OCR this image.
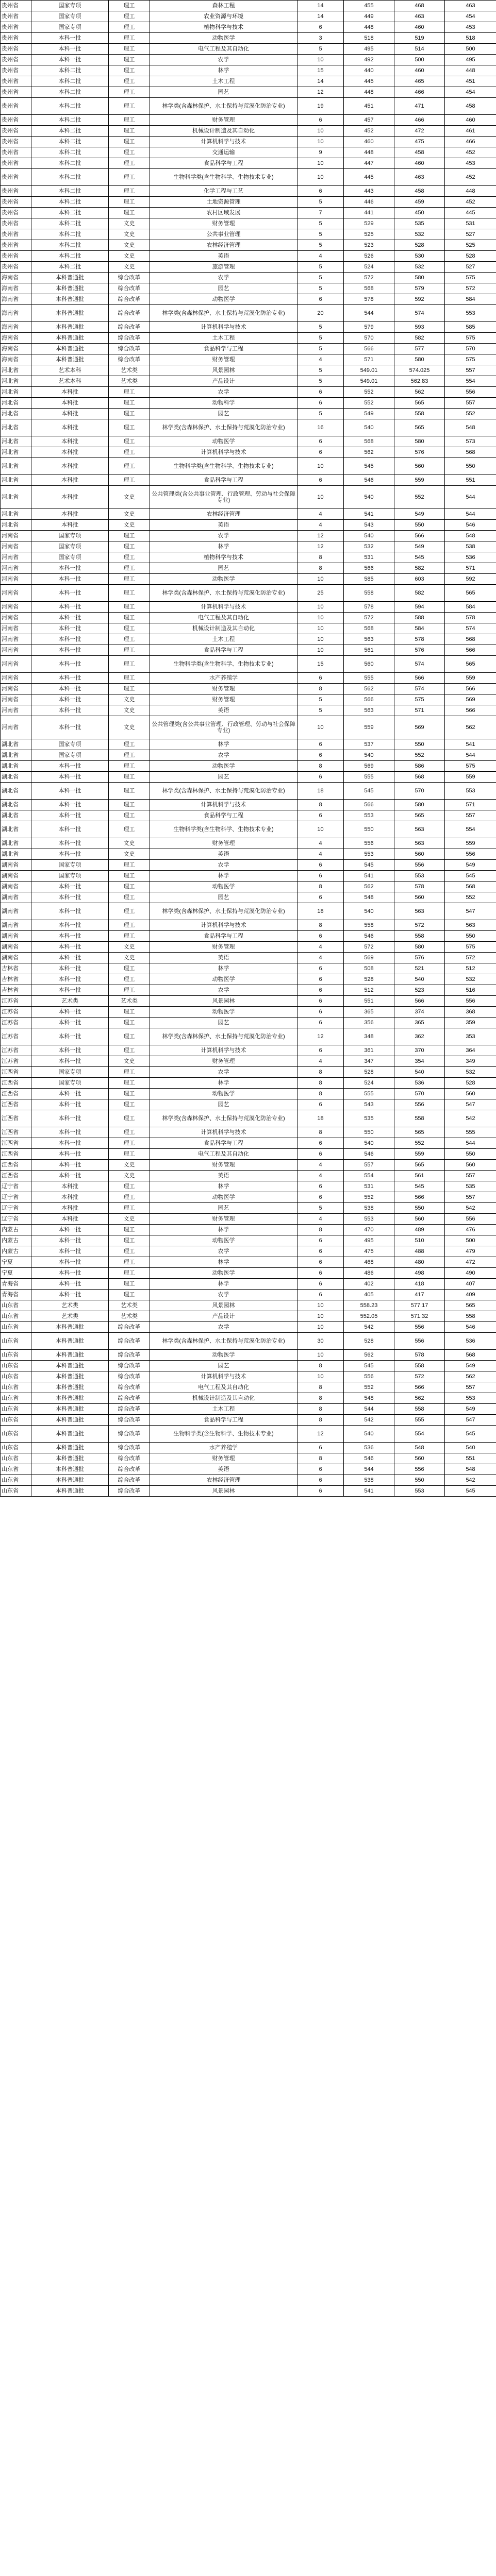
贵州省	国家专项	理工	森林工程	14	455	468	463
贵州省	国家专项	理工	农业资源与环境	14	449	463	454
贵州省	国家专项	理工	植物科学与技术	6	448	460	453
贵州省	本科一批	理工	动物医学	3	518	519	518
贵州省	本科一批	理工	电气工程及其自动化	5	495	514	500
贵州省	本科一批	理工	农学	10	492	500	495
贵州省	本科二批	理工	林学	15	440	460	448
贵州省	本科二批	理工	土木工程	14	445	465	451
贵州省	本科二批	理工	园艺	12	448	466	454
贵州省	本科二批	理工	林学类(含森林保护、水土保持与荒漠化防治专业)	19	451	471	458
贵州省	本科二批	理工	财务管理	6	457	466	460
贵州省	本科二批	理工	机械设计制造及其自动化	10	452	472	461
贵州省	本科二批	理工	计算机科学与技术	10	460	475	466
贵州省	本科二批	理工	交通运输	9	448	458	452
贵州省	本科二批	理工	食品科学与工程	10	447	460	453
贵州省	本科二批	理工	生物科学类(含生物科学、生物技术专业)	10	445	463	452
贵州省	本科二批	理工	化学工程与工艺	6	443	458	448
贵州省	本科二批	理工	土地资源管理	5	446	459	452
贵州省	本科二批	理工	农村区域发展	7	441	450	445
贵州省	本科二批	文史	财务管理	5	529	535	531
贵州省	本科二批	文史	公共事业管理	5	525	532	527
贵州省	本科二批	文史	农林经济管理	5	523	528	525
贵州省	本科二批	文史	英语	4	526	530	528
贵州省	本科二批	文史	旅游管理	5	524	532	527
海南省	本科普通批	综合改革	农学	5	572	580	575
海南省	本科普通批	综合改革	园艺	5	568	579	572
海南省	本科普通批	综合改革	动物医学	6	578	592	584
海南省	本科普通批	综合改革	林学类(含森林保护、水土保持与荒漠化防治专业)	20	544	574	553
海南省	本科普通批	综合改革	计算机科学与技术	5	579	593	585
海南省	本科普通批	综合改革	土木工程	5	570	582	575
海南省	本科普通批	综合改革	食品科学与工程	5	566	577	570
海南省	本科普通批	综合改革	财务管理	4	571	580	575
河北省	艺术本科	艺术类	风景园林	5	549.01	574.025	557
河北省	艺术本科	艺术类	产品设计	5	549.01	562.83	554
河北省	本科批	理工	农学	6	552	562	556
河北省	本科批	理工	动物科学	6	552	565	557
河北省	本科批	理工	园艺	5	549	558	552
河北省	本科批	理工	林学类(含森林保护、水土保持与荒漠化防治专业)	16	540	565	548
河北省	本科批	理工	动物医学	6	568	580	573
河北省	本科批	理工	计算机科学与技术	6	562	576	568
河北省	本科批	理工	生物科学类(含生物科学、生物技术专业)	10	545	560	550
河北省	本科批	理工	食品科学与工程	6	546	559	551
河北省	本科批	文史	公共管理类(含公共事业管理、行政管理、劳动与社会保障专业)	10	540	552	544
河北省	本科批	文史	农林经济管理	4	541	549	544
河北省	本科批	文史	英语	4	543	550	546
河南省	国家专项	理工	农学	12	540	566	548
河南省	国家专项	理工	林学	12	532	549	538
河南省	国家专项	理工	植物科学与技术	8	531	545	536
河南省	本科一批	理工	园艺	8	566	582	571
河南省	本科一批	理工	动物医学	10	585	603	592
河南省	本科一批	理工	林学类(含森林保护、水土保持与荒漠化防治专业)	25	558	582	565
河南省	本科一批	理工	计算机科学与技术	10	578	594	584
河南省	本科一批	理工	电气工程及其自动化	10	572	588	578
河南省	本科一批	理工	机械设计制造及其自动化	10	568	584	574
河南省	本科一批	理工	土木工程	10	563	578	568
河南省	本科一批	理工	食品科学与工程	10	561	576	566
河南省	本科一批	理工	生物科学类(含生物科学、生物技术专业)	15	560	574	565
河南省	本科一批	理工	水产养殖学	6	555	566	559
河南省	本科一批	理工	财务管理	8	562	574	566
河南省	本科一批	文史	财务管理	5	566	575	569
河南省	本科一批	文史	英语	5	563	571	566
河南省	本科一批	文史	公共管理类(含公共事业管理、行政管理、劳动与社会保障专业)	10	559	569	562
湖北省	国家专项	理工	林学	6	537	550	541
湖北省	国家专项	理工	农学	6	540	552	544
湖北省	本科一批	理工	动物医学	8	569	586	575
湖北省	本科一批	理工	园艺	6	555	568	559
湖北省	本科一批	理工	林学类(含森林保护、水土保持与荒漠化防治专业)	18	545	570	553
湖北省	本科一批	理工	计算机科学与技术	8	566	580	571
湖北省	本科一批	理工	食品科学与工程	6	553	565	557
湖北省	本科一批	理工	生物科学类(含生物科学、生物技术专业)	10	550	563	554
湖北省	本科一批	文史	财务管理	4	556	563	559
湖北省	本科一批	文史	英语	4	553	560	556
湖南省	国家专项	理工	农学	6	545	556	549
湖南省	国家专项	理工	林学	6	541	553	545
湖南省	本科一批	理工	动物医学	8	562	578	568
湖南省	本科一批	理工	园艺	6	548	560	552
湖南省	本科一批	理工	林学类(含森林保护、水土保持与荒漠化防治专业)	18	540	563	547
湖南省	本科一批	理工	计算机科学与技术	8	558	572	563
湖南省	本科一批	理工	食品科学与工程	6	546	558	550
湖南省	本科一批	文史	财务管理	4	572	580	575
湖南省	本科一批	文史	英语	4	569	576	572
吉林省	本科一批	理工	林学	6	508	521	512
吉林省	本科一批	理工	动物医学	6	528	540	532
吉林省	本科一批	理工	农学	6	512	523	516
江苏省	艺术类	艺术类	风景园林	6	551	566	556
江苏省	本科一批	理工	动物医学	6	365	374	368
江苏省	本科一批	理工	园艺	6	356	365	359
江苏省	本科一批	理工	林学类(含森林保护、水土保持与荒漠化防治专业)	12	348	362	353
江苏省	本科一批	理工	计算机科学与技术	6	361	370	364
江苏省	本科一批	文史	财务管理	4	347	354	349
江西省	国家专项	理工	农学	8	528	540	532
江西省	国家专项	理工	林学	8	524	536	528
江西省	本科一批	理工	动物医学	8	555	570	560
江西省	本科一批	理工	园艺	6	543	556	547
江西省	本科一批	理工	林学类(含森林保护、水土保持与荒漠化防治专业)	18	535	558	542
江西省	本科一批	理工	计算机科学与技术	8	550	565	555
江西省	本科一批	理工	食品科学与工程	6	540	552	544
江西省	本科一批	理工	电气工程及其自动化	6	546	559	550
江西省	本科一批	文史	财务管理	4	557	565	560
江西省	本科一批	文史	英语	4	554	561	557
辽宁省	本科批	理工	林学	6	531	545	535
辽宁省	本科批	理工	动物医学	6	552	566	557
辽宁省	本科批	理工	园艺	5	538	550	542
辽宁省	本科批	文史	财务管理	4	553	560	556
内蒙古	本科一批	理工	林学	8	470	489	476
内蒙古	本科一批	理工	动物医学	6	495	510	500
内蒙古	本科一批	理工	农学	6	475	488	479
宁夏	本科一批	理工	林学	6	468	480	472
宁夏	本科一批	理工	动物医学	6	486	498	490
青海省	本科一批	理工	林学	6	402	418	407
青海省	本科一批	理工	农学	6	405	417	409
山东省	艺术类	艺术类	风景园林	10	558.23	577.17	565
山东省	艺术类	艺术类	产品设计	10	552.05	571.32	558
山东省	本科普通批	综合改革	农学	10	542	556	546
山东省	本科普通批	综合改革	林学类(含森林保护、水土保持与荒漠化防治专业)	30	528	556	536
山东省	本科普通批	综合改革	动物医学	10	562	578	568
山东省	本科普通批	综合改革	园艺	8	545	558	549
山东省	本科普通批	综合改革	计算机科学与技术	10	556	572	562
山东省	本科普通批	综合改革	电气工程及其自动化	8	552	566	557
山东省	本科普通批	综合改革	机械设计制造及其自动化	8	548	562	553
山东省	本科普通批	综合改革	土木工程	8	544	558	549
山东省	本科普通批	综合改革	食品科学与工程	8	542	555	547
山东省	本科普通批	综合改革	生物科学类(含生物科学、生物技术专业)	12	540	554	545
山东省	本科普通批	综合改革	水产养殖学	6	536	548	540
山东省	本科普通批	综合改革	财务管理	8	546	560	551
山东省	本科普通批	综合改革	英语	6	544	556	548
山东省	本科普通批	综合改革	农林经济管理	6	538	550	542
山东省	本科普通批	综合改革	风景园林	6	541	553	545
